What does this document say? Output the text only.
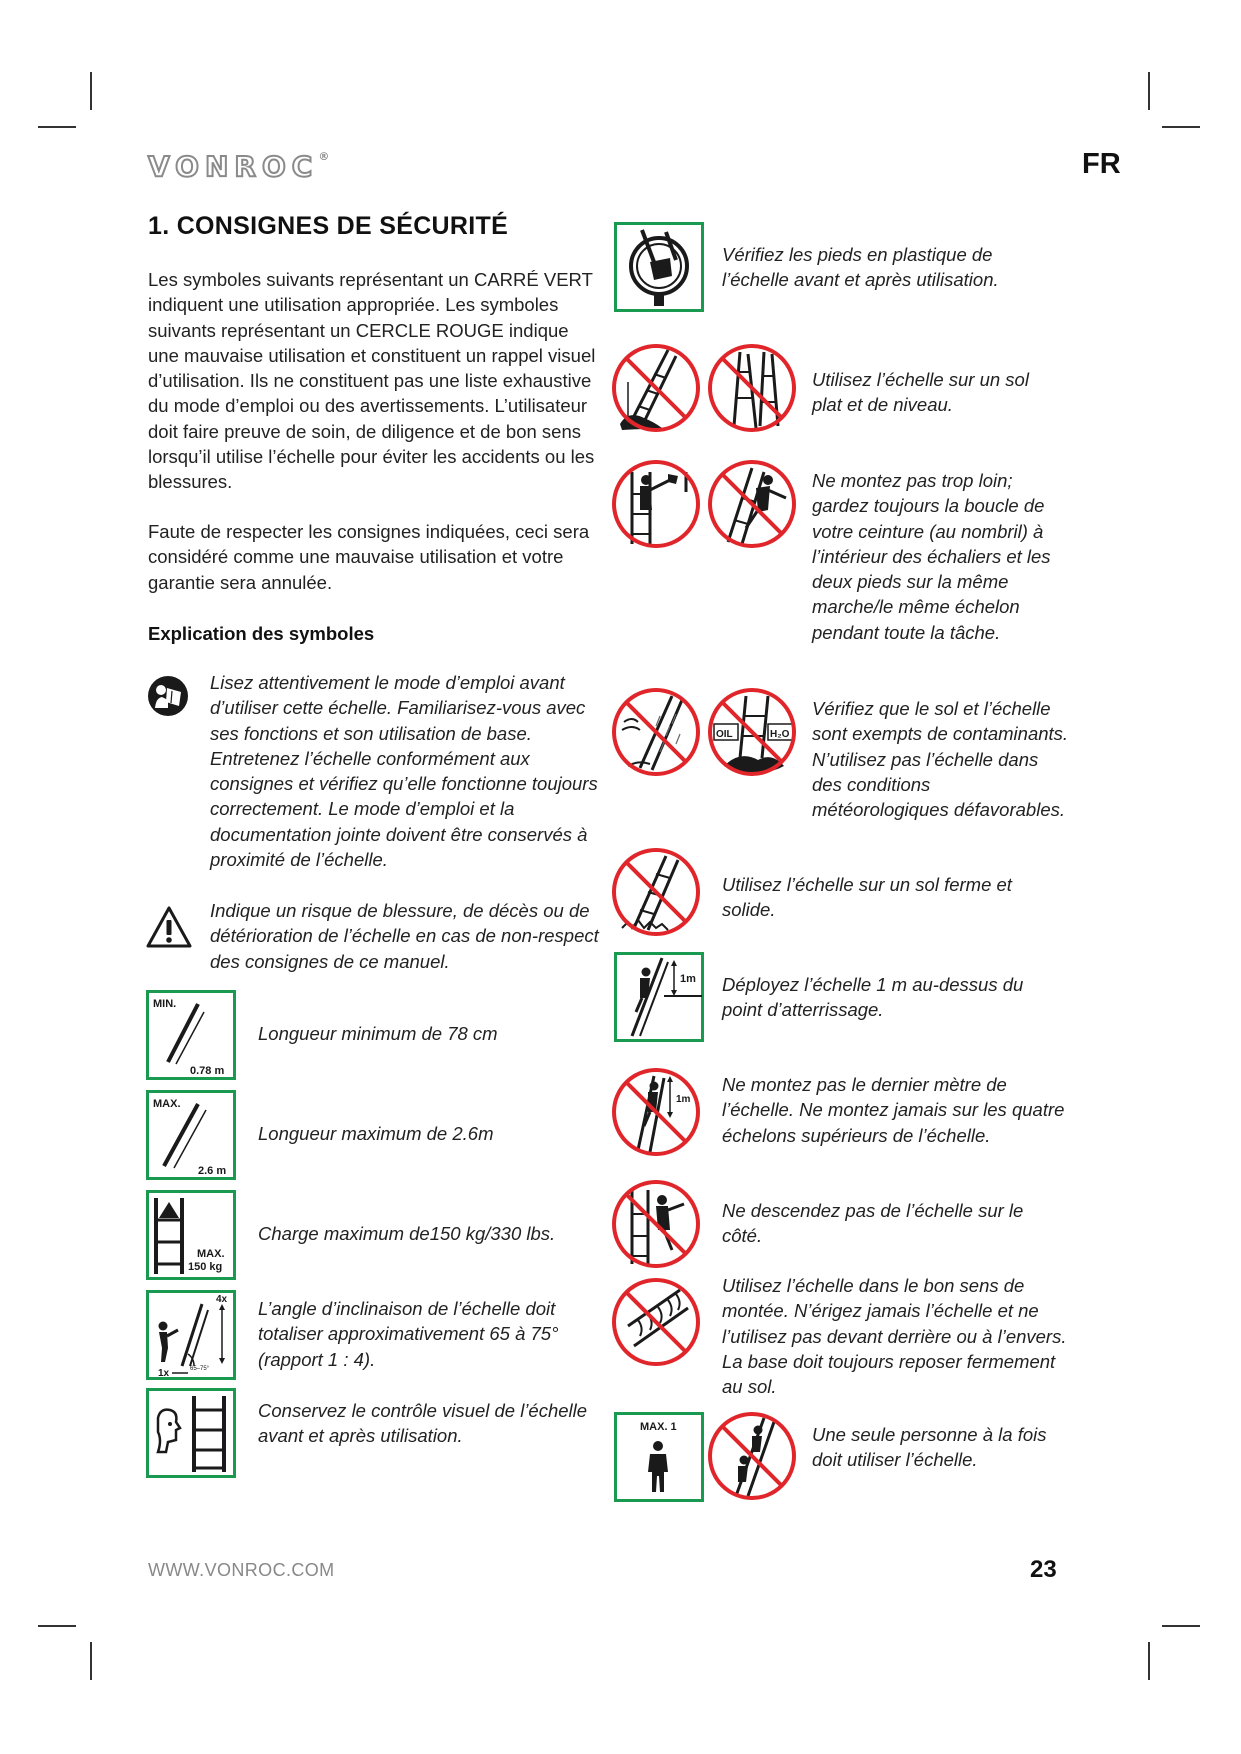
VONROC®	FR
1. CONSIGNES DE SÉCURITÉ
Les symboles suivants représentant un CARRÉ VERT indiquent une utilisation appropriée. Les symboles suivants représentant un CERCLE ROUGE indique une mauvaise utilisation et constituent un rappel visuel d’utilisation. Ils ne constituent pas une liste exhaustive du mode d’emploi ou des avertissements. L’utilisateur doit faire preuve de soin, de diligence et de bon sens lorsqu’il utilise l’échelle pour éviter les accidents ou les blessures.
Faute de respecter les consignes indiquées, ceci sera considéré comme une mauvaise utilisation et votre garantie sera annulée.
Explication des symboles
Lisez attentivement le mode d’emploi avant d’utiliser cette échelle. Familiarisez-vous avec ses fonctions et son utilisation de base. Entretenez l’échelle conformément aux consignes et vérifiez qu’elle fonctionne toujours correctement. Le mode d’emploi et la documentation jointe doivent être conservés à proximité de l’échelle.
Indique un risque de blessure, de décès ou de détérioration de l’échelle en cas de non-respect des consignes de ce manuel.
MIN.
0.78 m
Longueur minimum de 78 cm
MAX.
2.6 m
Longueur maximum de 2.6m
MAX.
150 kg
Charge maximum de150 kg/330 lbs.
4x
1x	65–75°
L’angle d’inclinaison de l’échelle doit totaliser approximativement 65 à 75° (rapport 1 : 4).
Conservez le contrôle visuel de l’échelle avant et après utilisation.
Vérifiez les pieds en plastique de l’échelle avant et après utilisation.
Utilisez l’échelle sur un sol plat et de niveau.
Ne montez pas trop loin; gardez toujours la boucle de votre ceinture (au nombril) à l’intérieur des échaliers et les deux pieds sur la même marche/le même échelon pendant toute la tâche.
OIL	H₂O
Vérifiez que le sol et l’échelle sont exempts de contaminants. N’utilisez pas l’échelle dans des conditions météorologiques défavorables.
Utilisez l’échelle sur un sol ferme et solide.
1m Déployez l’échelle 1 m au-dessus du point d’atterrissage.
1m
Ne montez pas le dernier mètre de l’échelle. Ne montez jamais sur les quatre échelons supérieurs de l’échelle.
Ne descendez pas de l’échelle sur le côté.
Utilisez l’échelle dans le bon sens de montée. N’érigez jamais l’échelle et ne l’utilisez pas devant derrière ou à l’envers. La base doit toujours reposer fermement au sol.
MAX. 1	Une seule personne à la fois doit utiliser l’échelle.
WWW.VONROC.COM	23
